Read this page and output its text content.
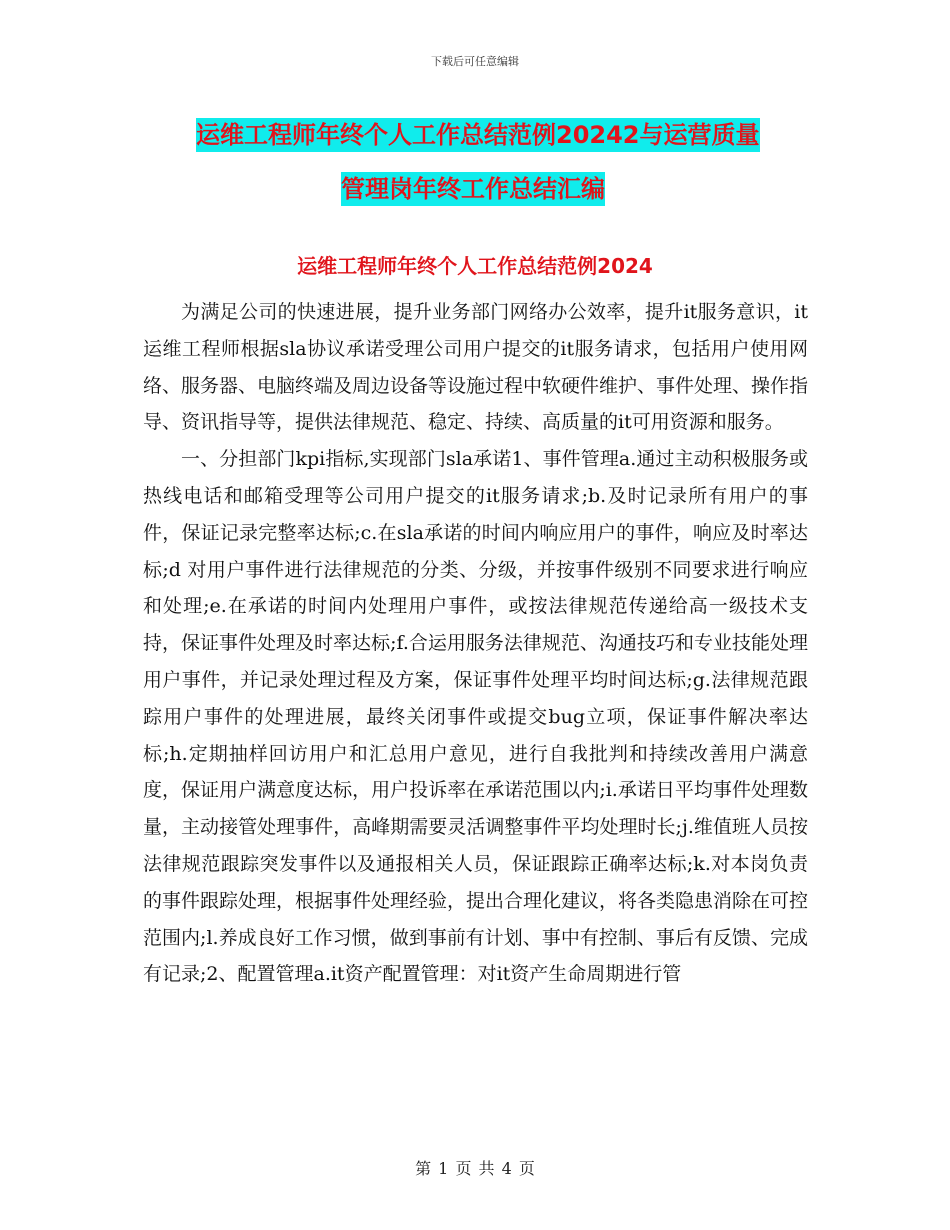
下载后可任意编辑
运维工程师年终个人工作总结范例20242与运营质量
管理岗年终工作总结汇编
运维工程师年终个人工作总结范例2024

为满足公司的快速进展，提升业务部门网络办公效率，提升it服务意识，it运维工程师根据sla协议承诺受理公司用户提交的it服务请求，包括用户使用网络、服务器、电脑终端及周边设备等设施过程中软硬件维护、事件处理、操作指导、资讯指导等，提供法律规范、稳定、持续、高质量的it可用资源和服务。

一、分担部门kpi指标,实现部门sla承诺1、事件管理a.通过主动积极服务或热线电话和邮箱受理等公司用户提交的it服务请求;b.及时记录所有用户的事件，保证记录完整率达标;c.在sla承诺的时间内响应用户的事件，响应及时率达标;d 对用户事件进行法律规范的分类、分级，并按事件级别不同要求进行响应和处理;e.在承诺的时间内处理用户事件，或按法律规范传递给高一级技术支持，保证事件处理及时率达标;f.合运用服务法律规范、沟通技巧和专业技能处理用户事件，并记录处理过程及方案，保证事件处理平均时间达标;g.法律规范跟踪用户事件的处理进展，最终关闭事件或提交bug立项，保证事件解决率达标;h.定期抽样回访用户和汇总用户意见，进行自我批判和持续改善用户满意度，保证用户满意度达标，用户投诉率在承诺范围以内;i.承诺日平均事件处理数量，主动接管处理事件，高峰期需要灵活调整事件平均处理时长;j.维值班人员按法律规范跟踪突发事件以及通报相关人员，保证跟踪正确率达标;k.对本岗负责的事件跟踪处理，根据事件处理经验，提出合理化建议，将各类隐患消除在可控范围内;l.养成良好工作习惯，做到事前有计划、事中有控制、事后有反馈、完成有记录;2、配置管理a.it资产配置管理：对it资产生命周期进行管

第 1 页 共 4 页
